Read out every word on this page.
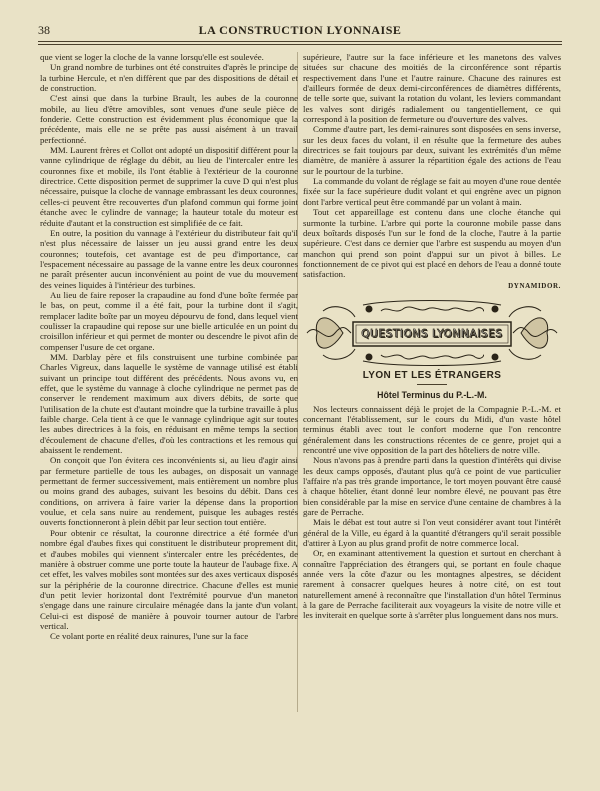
38	LA CONSTRUCTION LYONNAISE

que vient se loger la cloche de la vanne lorsqu'elle est soulevée.

Un grand nombre de turbines ont été construites d'après le principe de la turbine Hercule, et n'en diffèrent que par des dispositions de détail et de construction.

C'est ainsi que dans la turbine Brault, les aubes de la couronne mobile, au lieu d'être amovibles, sont venues d'une seule pièce de fonderie. Cette construction est évidemment plus économique que la précédente, mais elle ne se prête pas aussi aisément à un travail perfectionné.

MM. Laurent frères et Collot ont adopté un dispositif différent pour la vanne cylindrique de réglage du débit, au lieu de l'intercaler entre les couronnes fixe et mobile, ils l'ont établie à l'extérieur de la couronne directrice. Cette disposition permet de supprimer la cuve D qui n'est plus nécessaire, puisque la cloche de vannage embrassant les deux couronnes, celles-ci peuvent être recouvertes d'un plafond commun qui forme joint étanche avec le cylindre de vannage; la hauteur totale du moteur est réduite d'autant et la construction est simplifiée de ce fait.

En outre, la position du vannage à l'extérieur du distributeur fait qu'il n'est plus nécessaire de laisser un jeu aussi grand entre les deux couronnes; toutefois, cet avantage est de peu d'importance, car l'espacement nécessaire au passage de la vanne entre les deux couronnes ne paraît présenter aucun inconvénient au point de vue du mouvement des veines liquides à l'intérieur des turbines.

Au lieu de faire reposer la crapaudine au fond d'une boîte fermée par le bas, on peut, comme il a été fait, pour la turbine dont il s'agit, remplacer ladite boîte par un moyeu dépourvu de fond, dans lequel vient coulisser la crapaudine qui repose sur une bielle articulée en un point du croisillon inférieur et qui permet de monter ou descendre le pivot afin de compenser l'usure de cet organe.

MM. Darblay père et fils construisent une turbine combinée par Charles Vigreux, dans laquelle le système de vannage utilisé est établi suivant un principe tout différent des précédents. Nous avons vu, en effet, que le système du vannage à cloche cylindrique ne permet pas de conserver le rendement maximum aux divers débits, de sorte que l'utilisation de la chute est d'autant moindre que la turbine travaille à plus faible charge. Cela tient à ce que le vannage cylindrique agit sur toutes les aubes directrices à la fois, en réduisant en même temps la section d'écoulement de chacune d'elles, d'où les contractions et les remous qui abaissent le rendement.

On conçoit que l'on évitera ces inconvénients si, au lieu d'agir ainsi par fermeture partielle de tous les aubages, on disposait un vannage permettant de fermer successivement, mais entièrement un nombre plus ou moins grand des aubages, suivant les besoins du débit. Dans ces conditions, on arrivera à faire varier la dépense dans la proportion voulue, et cela sans nuire au rendement, puisque les aubages restés ouverts fonctionneront à plein débit par leur section tout entière.

Pour obtenir ce résultat, la couronne directrice a été formée d'un nombre égal d'aubes fixes qui constituent le distributeur proprement dit, et d'aubes mobiles qui viennent s'intercaler entre les précédentes, de manière à obstruer comme une porte toute la hauteur de l'aubage fixe. A cet effet, les valves mobiles sont montées sur des axes verticaux disposés sur la périphérie de la couronne directrice. Chacune d'elles est munie d'un petit levier horizontal dont l'extrémité pourvue d'un maneton s'engage dans une rainure circulaire ménagée dans la jante d'un volant. Celui-ci est disposé de manière à pouvoir tourner autour de l'arbre vertical.

Ce volant porte en réalité deux rainures, l'une sur la face

supérieure, l'autre sur la face inférieure et les manetons des valves situées sur chacune des moitiés de la circonférence sont répartis respectivement dans l'une et l'autre rainure. Chacune des rainures est d'ailleurs formée de deux demi-circonférences de diamètres différents, de telle sorte que, suivant la rotation du volant, les leviers commandant les valves sont dirigés radialement ou tangentiellement, ce qui correspond à la position de fermeture ou d'ouverture des valves.

Comme d'autre part, les demi-rainures sont disposées en sens inverse, sur les deux faces du volant, il en résulte que la fermeture des aubes directrices se fait toujours par deux, suivant les extrémités d'un même diamètre, de manière à assurer la répartition égale des actions de l'eau sur le pourtour de la turbine.

La commande du volant de réglage se fait au moyen d'une roue dentée fixée sur la face supérieure dudit volant et qui engrène avec un pignon dont l'arbre vertical peut être commandé par un volant à main.

Tout cet appareillage est contenu dans une cloche étanche qui surmonte la turbine. L'arbre qui porte la couronne mobile passe dans deux boîtards disposés l'un sur le fond de la cloche, l'autre à la partie supérieure. C'est dans ce dernier que l'arbre est suspendu au moyen d'un manchon qui prend son point d'appui sur un pivot à billes. Le fonctionnement de ce pivot qui est placé en dehors de l'eau a donné toute satisfaction.

DYNAMIDOR.
QUESTIONS LYONNAISES
LYON ET LES ÉTRANGERS
Hôtel Terminus du P.-L.-M.

Nos lecteurs connaissent déjà le projet de la Compagnie P.-L.-M. et concernant l'établissement, sur le cours du Midi, d'un vaste hôtel terminus établi avec tout le confort moderne que l'on rencontre généralement dans les constructions récentes de ce genre, projet qui a rencontré une vive opposition de la part des hôteliers de notre ville.

Nous n'avons pas à prendre parti dans la question d'intérêts qui divise les deux camps opposés, d'autant plus qu'à ce point de vue particulier l'affaire n'a pas très grande importance, le tort moyen pouvant être causé à chaque hôtelier, étant donné leur nombre élevé, ne pouvant pas être bien considérable par la mise en service d'une centaine de chambres à la gare de Perrache.

Mais le débat est tout autre si l'on veut considérer avant tout l'intérêt général de la Ville, eu égard à la quantité d'étrangers qu'il serait possible d'attirer à Lyon au plus grand profit de notre commerce local.

Or, en examinant attentivement la question et surtout en cherchant à connaître l'appréciation des étrangers qui, se portant en foule chaque année vers la côte d'azur ou les montagnes alpestres, se décident rarement à consacrer quelques heures à notre cité, on est tout naturellement amené à reconnaître que l'installation d'un hôtel Terminus à la gare de Perrache faciliterait aux voyageurs la visite de notre ville et les inviterait en quelque sorte à s'arrêter plus longuement dans nos murs.
